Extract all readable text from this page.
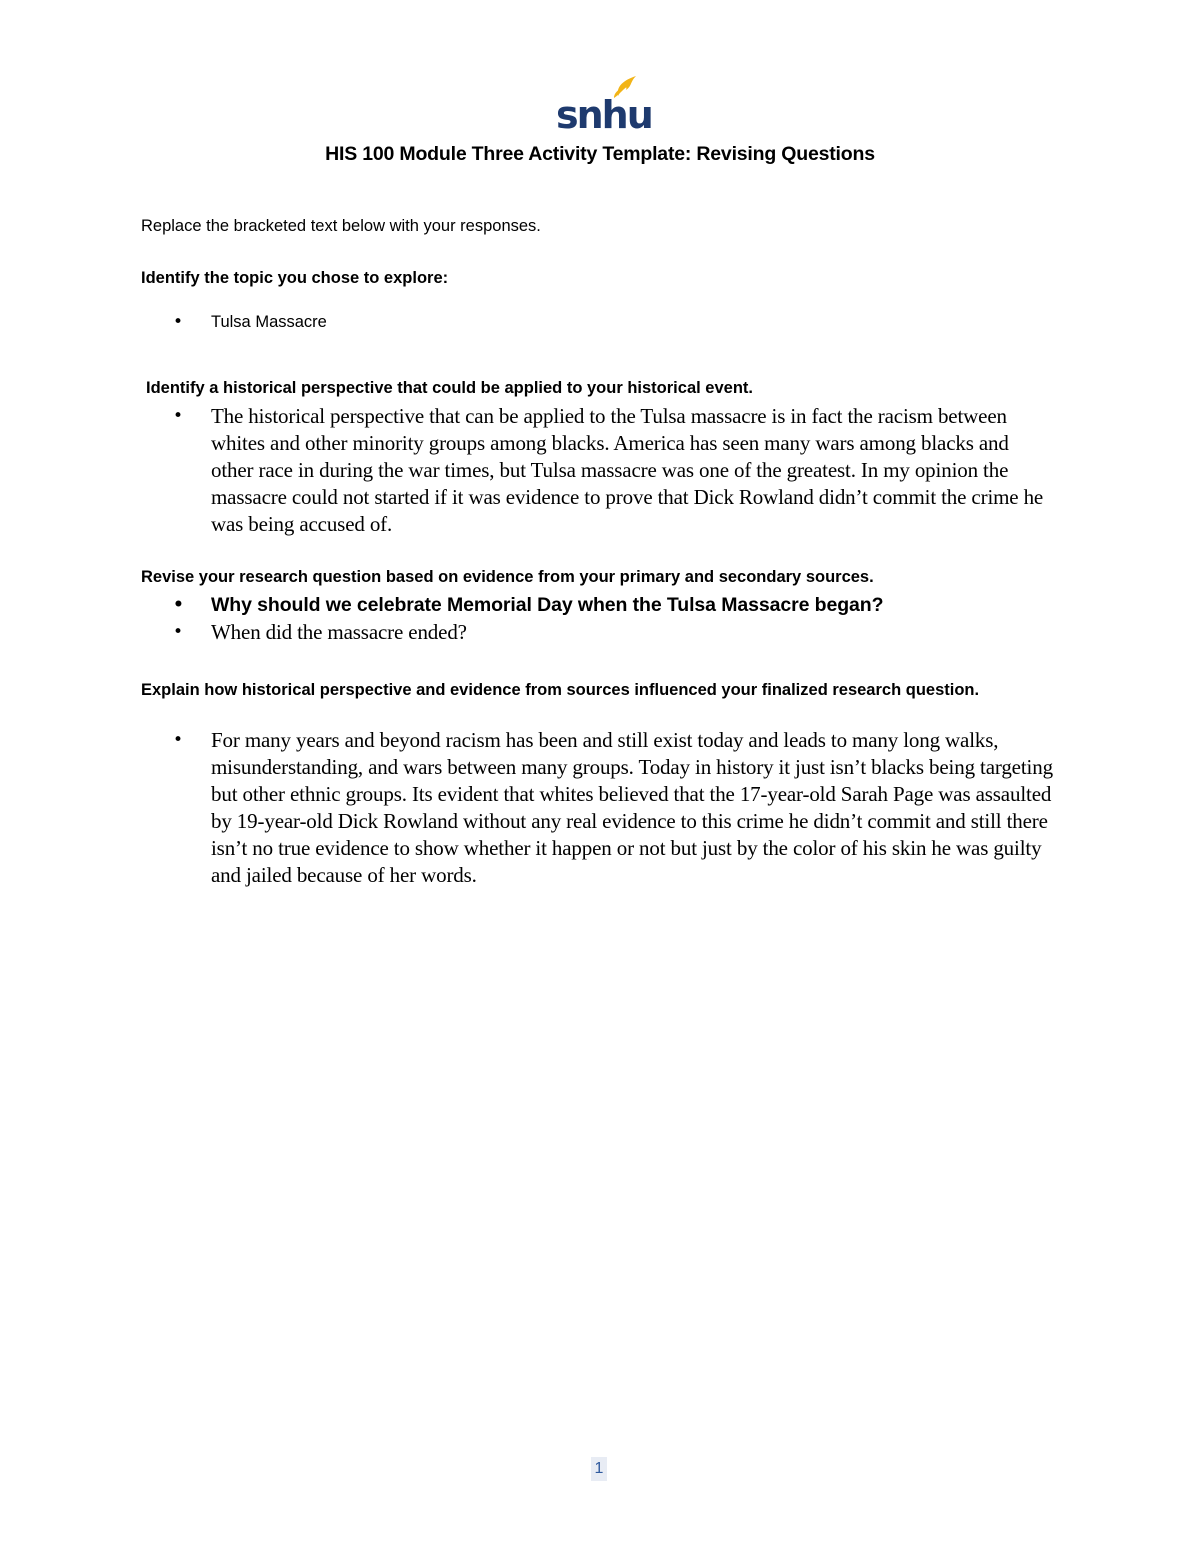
snhu
HIS 100 Module Three Activity Template: Revising Questions
Replace the bracketed text below with your responses.
Identify the topic you chose to explore:
• Tulsa Massacre
Identify a historical perspective that could be applied to your historical event.
• The historical perspective that can be applied to the Tulsa massacre is in fact the racism between whites and other minority groups among blacks. America has seen many wars among blacks and other race in during the war times, but Tulsa massacre was one of the greatest. In my opinion the massacre could not started if it was evidence to prove that Dick Rowland didn’t commit the crime he was being accused of.
Revise your research question based on evidence from your primary and secondary sources.
• Why should we celebrate Memorial Day when the Tulsa Massacre began?
• When did the massacre ended?
Explain how historical perspective and evidence from sources influenced your finalized research question.
• For many years and beyond racism has been and still exist today and leads to many long walks, misunderstanding, and wars between many groups. Today in history it just isn’t blacks being targeting but other ethnic groups. Its evident that whites believed that the 17-year-old Sarah Page was assaulted by 19-year-old Dick Rowland without any real evidence to this crime he didn’t commit and still there isn’t no true evidence to show whether it happen or not but just by the color of his skin he was guilty and jailed because of her words.
1
